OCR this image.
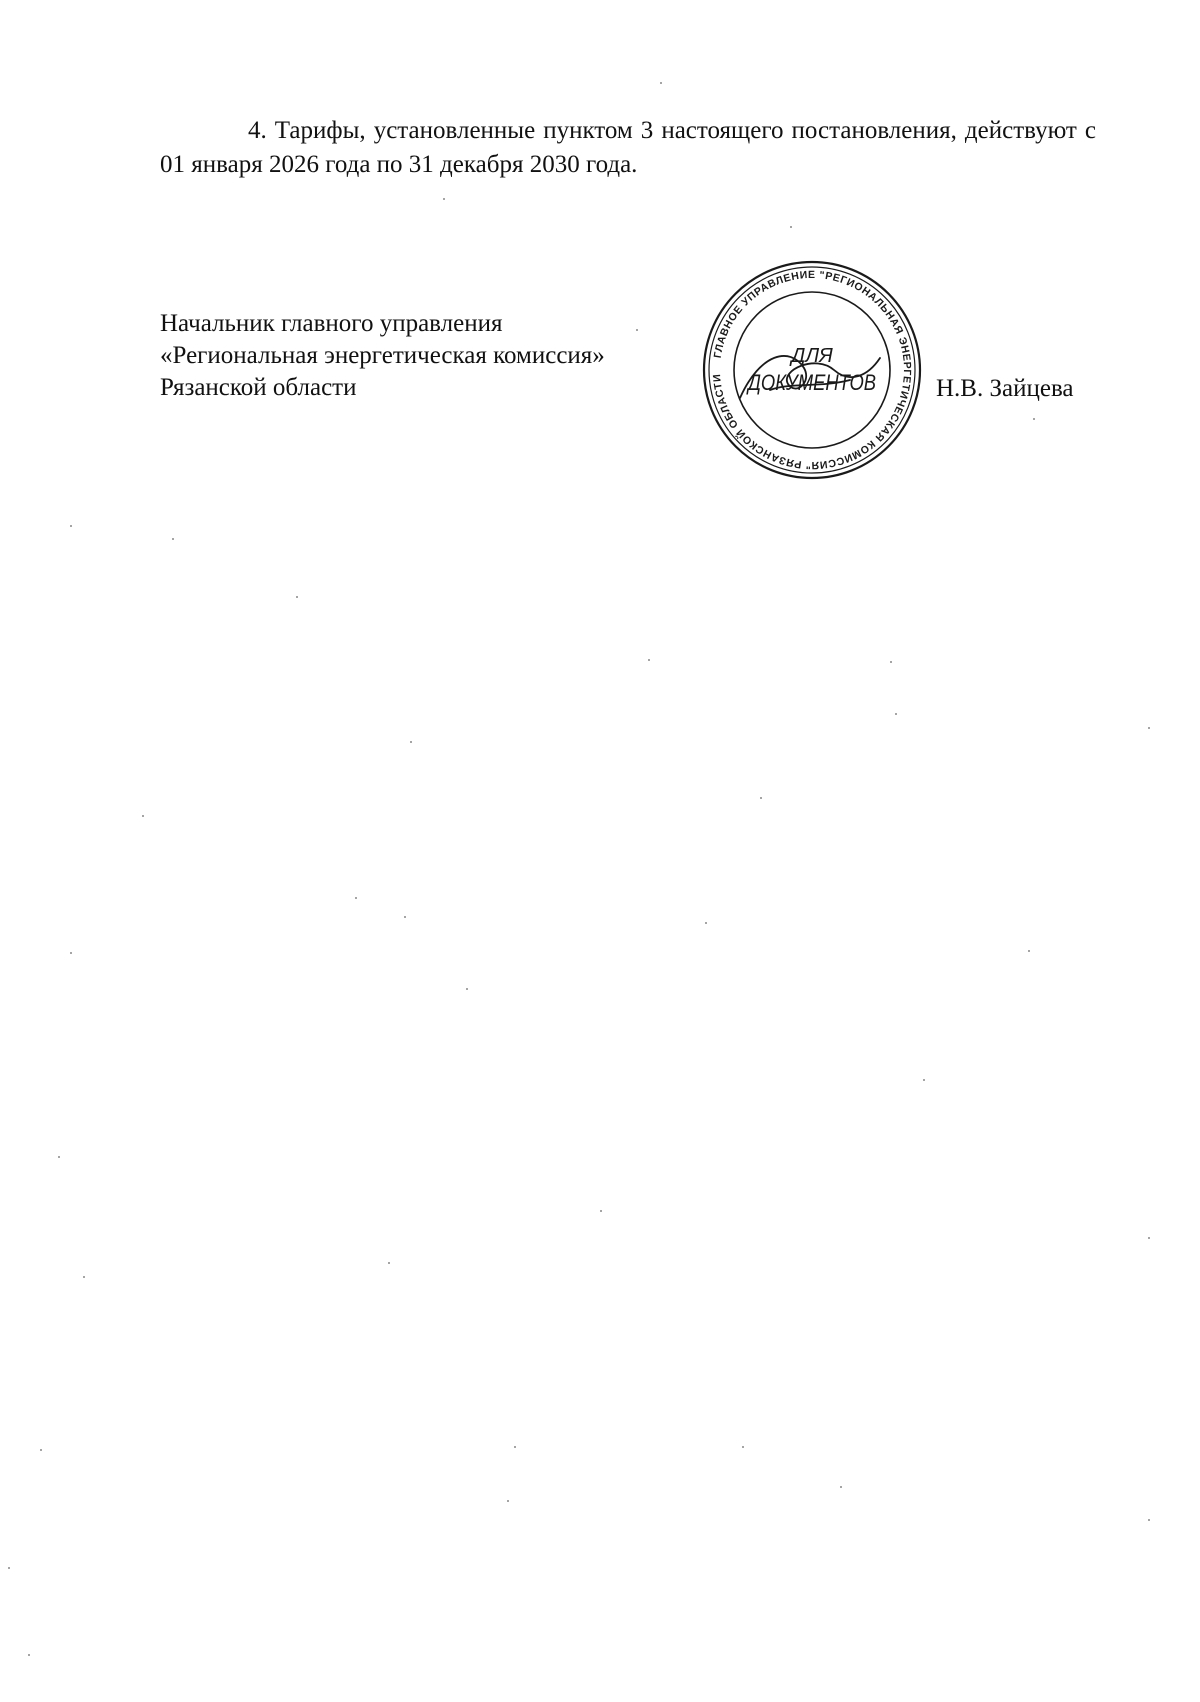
4. Тарифы, установленные пунктом 3 настоящего постановления, действуют с 01 января 2026 года по 31 декабря 2030 года.

Начальник главного управления
«Региональная энергетическая комиссия»
Рязанской области
ГЛАВНОЕ УПРАВЛЕНИЕ "РЕГИОНАЛЬНАЯ ЭНЕРГЕТИЧЕСКАЯ КОМИССИЯ" РЯЗАНСКОЙ ОБЛАСТИ
ДЛЯ
ДОКУМЕНТОВ Н.В. Зайцева
